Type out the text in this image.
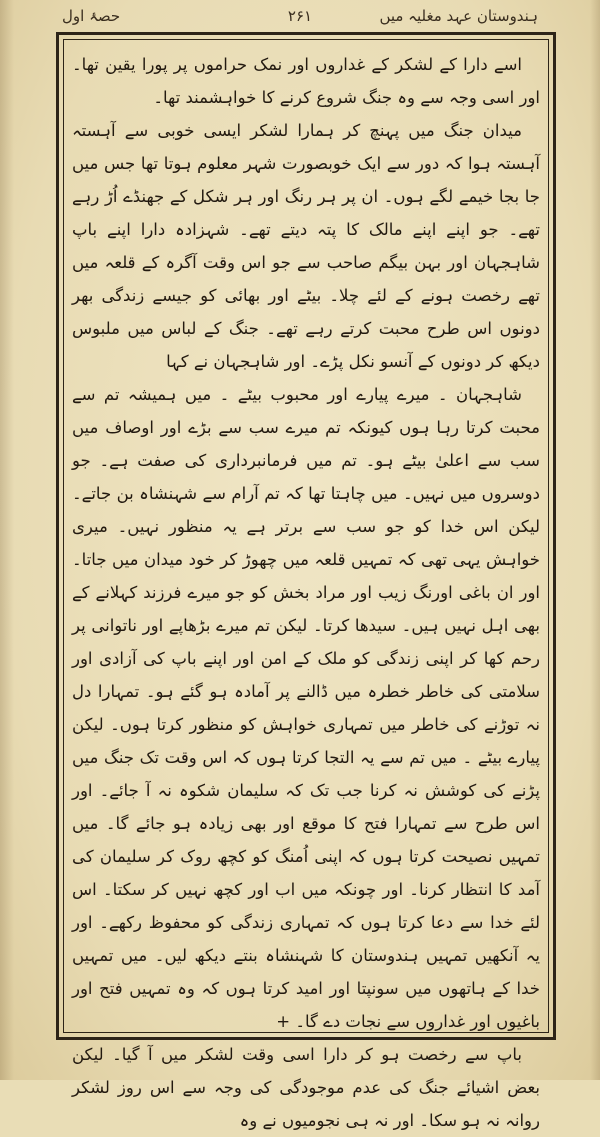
ہندوستان عہد مغلیہ میں
۲۶۱
حصۂ اول

اسے دارا کے لشکر کے غداروں اور نمک حراموں پر پورا یقین تھا۔ اور اسی وجہ سے وہ جنگ شروع کرنے کا خواہشمند تھا۔

میدان جنگ میں پہنچ کر ہمارا لشکر ایسی خوبی سے آہستہ آہستہ ہوا کہ دور سے ایک خوبصورت شہر معلوم ہوتا تھا جس میں جا بجا خیمے لگے ہوں۔ ان پر ہر رنگ اور ہر شکل کے جھنڈے اُڑ رہے تھے۔ جو اپنے اپنے مالک کا پتہ دیتے تھے۔ شہزادہ دارا اپنے باپ شاہجہان اور بہن بیگم صاحب سے جو اس وقت آگرہ کے قلعہ میں تھے رخصت ہونے کے لئے چلا۔ بیٹے اور بھائی کو جیسے زندگی بھر دونوں اس طرح محبت کرتے رہے تھے۔ جنگ کے لباس میں ملبوس دیکھ کر دونوں کے آنسو نکل پڑے۔ اور شاہجہان نے کہا

شاہجہان ۔ میرے پیارے اور محبوب بیٹے ۔ میں ہمیشہ تم سے محبت کرتا رہا ہوں کیونکہ تم میرے سب سے بڑے اور اوصاف میں سب سے اعلیٰ بیٹے ہو۔ تم میں فرمانبرداری کی صفت ہے۔ جو دوسروں میں نہیں۔ میں چاہتا تھا کہ تم آرام سے شہنشاہ بن جاتے۔ لیکن اس خدا کو جو سب سے برتر ہے یہ منظور نہیں۔ میری خواہش یہی تھی کہ تمہیں قلعہ میں چھوڑ کر خود میدان میں جاتا۔ اور ان باغی اورنگ زیب اور مراد بخش کو جو میرے فرزند کہلانے کے بھی اہل نہیں ہیں۔ سیدھا کرتا۔ لیکن تم میرے بڑھاپے اور ناتوانی پر رحم کھا کر اپنی زندگی کو ملک کے امن اور اپنے باپ کی آزادی اور سلامتی کی خاطر خطرہ میں ڈالنے پر آمادہ ہو گئے ہو۔ تمہارا دل نہ توڑنے کی خاطر میں تمہاری خواہش کو منظور کرتا ہوں۔ لیکن پیارے بیٹے ۔ میں تم سے یہ التجا کرتا ہوں کہ اس وقت تک جنگ میں پڑنے کی کوشش نہ کرنا جب تک کہ سلیمان شکوہ نہ آ جائے۔ اور اس طرح سے تمہارا فتح کا موقع اور بھی زیادہ ہو جائے گا۔ میں تمہیں نصیحت کرتا ہوں کہ اپنی اُمنگ کو کچھ روک کر سلیمان کی آمد کا انتظار کرنا۔ اور چونکہ میں اب اور کچھ نہیں کر سکتا۔ اس لئے خدا سے دعا کرتا ہوں کہ تمہاری زندگی کو محفوظ رکھے۔ اور یہ آنکھیں تمہیں ہندوستان کا شہنشاہ بنتے دیکھ لیں۔ میں تمہیں خدا کے ہاتھوں میں سونپتا اور امید کرتا ہوں کہ وہ تمہیں فتح اور باغیوں اور غداروں سے نجات دے گا۔ +

باپ سے رخصت ہو کر دارا اسی وقت لشکر میں آ گیا۔ لیکن بعض اشیائے جنگ کی عدم موجودگی کی وجہ سے اس روز لشکر روانہ نہ ہو سکا۔ اور نہ ہی نجومیوں نے وہ
